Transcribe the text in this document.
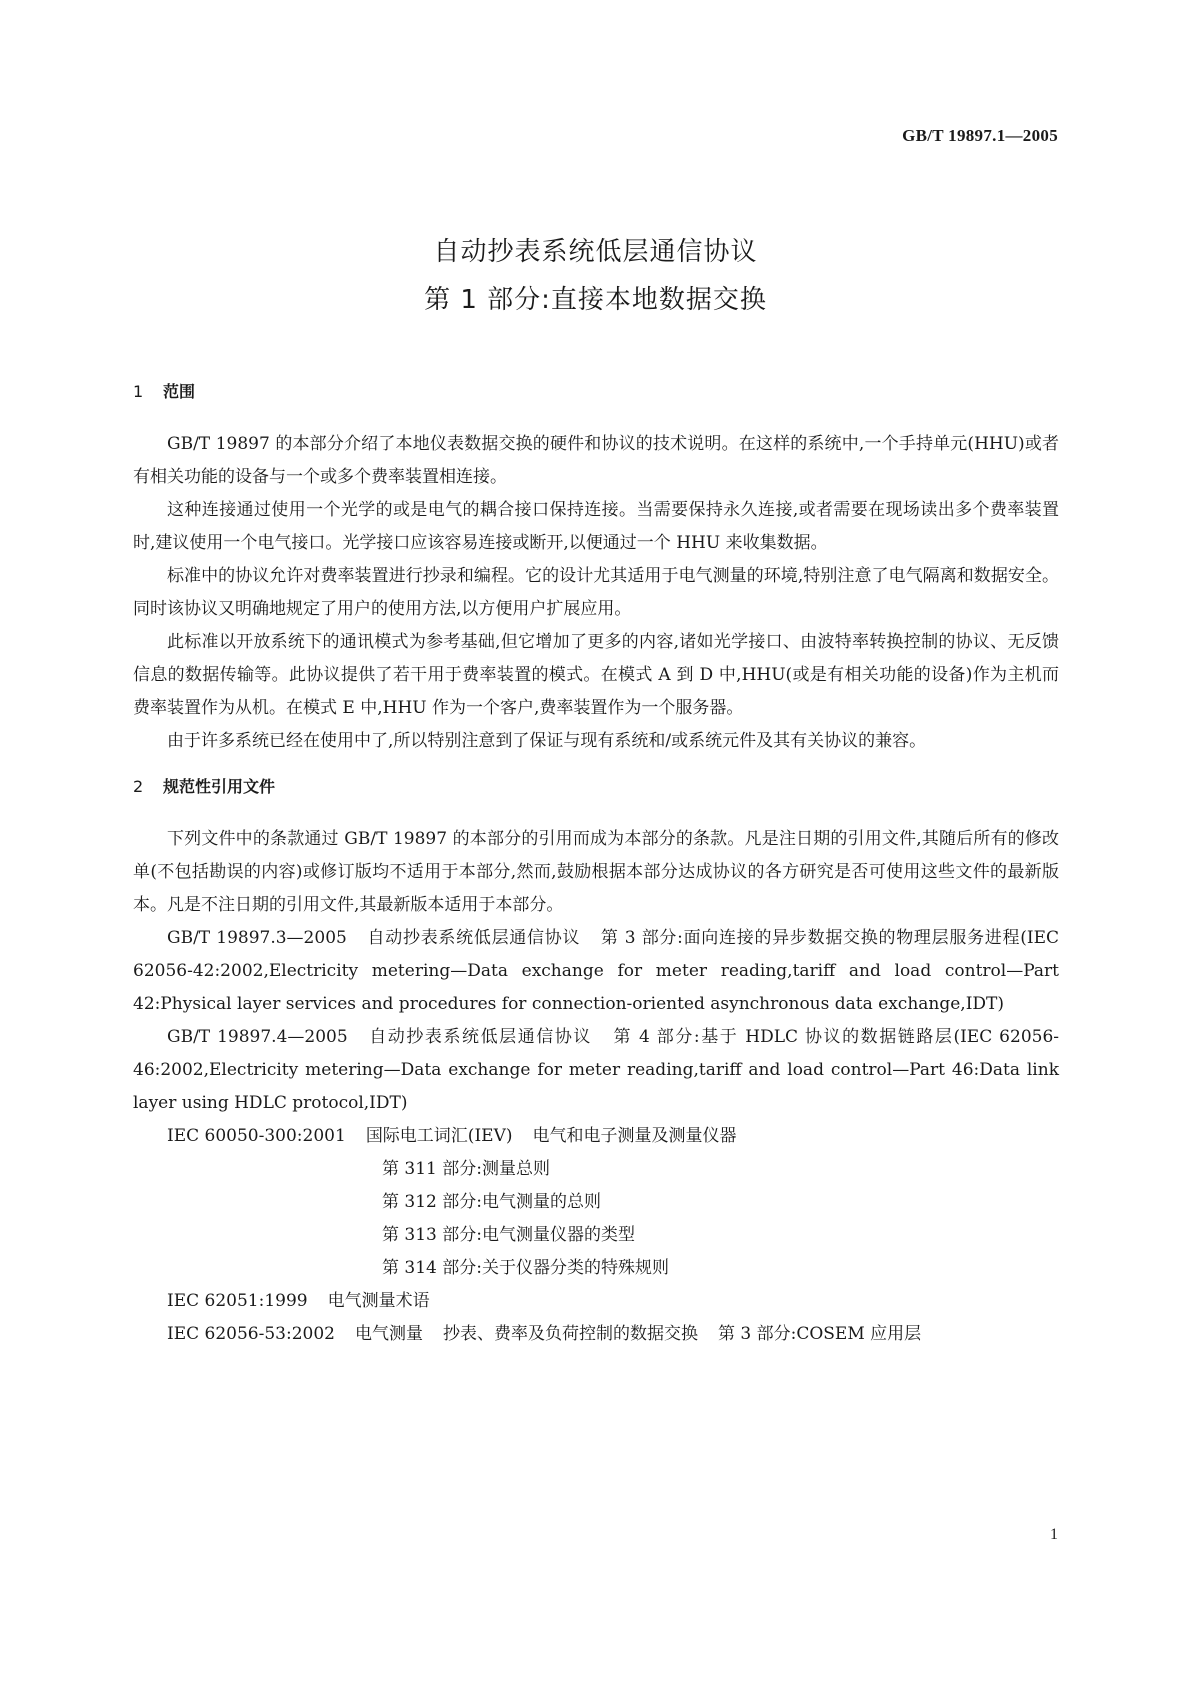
GB/T 19897.1—2005
自动抄表系统低层通信协议
第 1 部分:直接本地数据交换

1 范围

GB/T 19897 的本部分介绍了本地仪表数据交换的硬件和协议的技术说明。在这样的系统中,一个手持单元(HHU)或者有相关功能的设备与一个或多个费率装置相连接。

这种连接通过使用一个光学的或是电气的耦合接口保持连接。当需要保持永久连接,或者需要在现场读出多个费率装置时,建议使用一个电气接口。光学接口应该容易连接或断开,以便通过一个 HHU 来收集数据。

标准中的协议允许对费率装置进行抄录和编程。它的设计尤其适用于电气测量的环境,特别注意了电气隔离和数据安全。同时该协议又明确地规定了用户的使用方法,以方便用户扩展应用。

此标准以开放系统下的通讯模式为参考基础,但它增加了更多的内容,诸如光学接口、由波特率转换控制的协议、无反馈信息的数据传输等。此协议提供了若干用于费率装置的模式。在模式 A 到 D 中,HHU(或是有相关功能的设备)作为主机而费率装置作为从机。在模式 E 中,HHU 作为一个客户,费率装置作为一个服务器。

由于许多系统已经在使用中了,所以特别注意到了保证与现有系统和/或系统元件及其有关协议的兼容。

2 规范性引用文件

下列文件中的条款通过 GB/T 19897 的本部分的引用而成为本部分的条款。凡是注日期的引用文件,其随后所有的修改单(不包括勘误的内容)或修订版均不适用于本部分,然而,鼓励根据本部分达成协议的各方研究是否可使用这些文件的最新版本。凡是不注日期的引用文件,其最新版本适用于本部分。

GB/T 19897.3—2005 自动抄表系统低层通信协议 第 3 部分:面向连接的异步数据交换的物理层服务进程(IEC 62056-42:2002,Electricity metering—Data exchange for meter reading,tariff and load control—Part 42:Physical layer services and procedures for connection-oriented asynchronous data exchange,IDT)

GB/T 19897.4—2005 自动抄表系统低层通信协议 第 4 部分:基于 HDLC 协议的数据链路层(IEC 62056-46:2002,Electricity metering—Data exchange for meter reading,tariff and load control—Part 46:Data link layer using HDLC protocol,IDT)

IEC 60050-300:2001 国际电工词汇(IEV) 电气和电子测量及测量仪器

第 311 部分:测量总则

第 312 部分:电气测量的总则

第 313 部分:电气测量仪器的类型

第 314 部分:关于仪器分类的特殊规则

IEC 62051:1999 电气测量术语

IEC 62056-53:2002 电气测量 抄表、费率及负荷控制的数据交换 第 3 部分:COSEM 应用层

1
